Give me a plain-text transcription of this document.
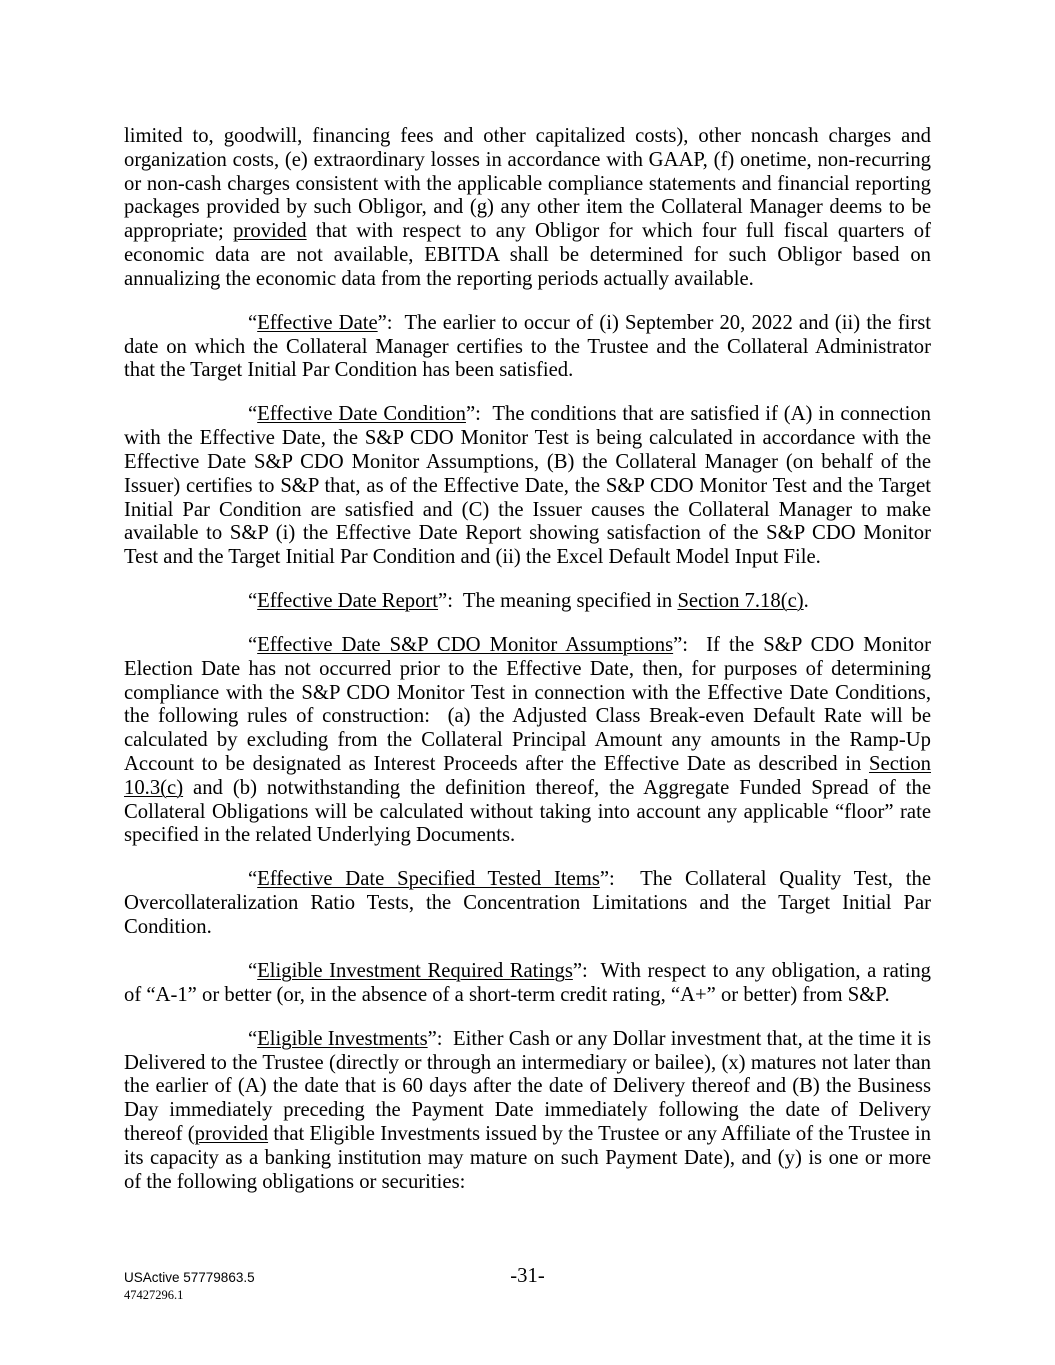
limited to, goodwill, financing fees and other capitalized costs), other noncash charges and organization costs, (e) extraordinary losses in accordance with GAAP, (f) onetime, non-recurring or non-cash charges consistent with the applicable compliance statements and financial reporting packages provided by such Obligor, and (g) any other item the Collateral Manager deems to be appropriate; provided that with respect to any Obligor for which four full fiscal quarters of economic data are not available, EBITDA shall be determined for such Obligor based on annualizing the economic data from the reporting periods actually available.

“Effective Date”:  The earlier to occur of (i) September 20, 2022 and (ii) the first date on which the Collateral Manager certifies to the Trustee and the Collateral Administrator that the Target Initial Par Condition has been satisfied.

“Effective Date Condition”:  The conditions that are satisfied if (A) in connection with the Effective Date, the S&P CDO Monitor Test is being calculated in accordance with the Effective Date S&P CDO Monitor Assumptions, (B) the Collateral Manager (on behalf of the Issuer) certifies to S&P that, as of the Effective Date, the S&P CDO Monitor Test and the Target Initial Par Condition are satisfied and (C) the Issuer causes the Collateral Manager to make available to S&P (i) the Effective Date Report showing satisfaction of the S&P CDO Monitor Test and the Target Initial Par Condition and (ii) the Excel Default Model Input File.

“Effective Date Report”:  The meaning specified in Section 7.18(c).

“Effective Date S&P CDO Monitor Assumptions”:  If the S&P CDO Monitor Election Date has not occurred prior to the Effective Date, then, for purposes of determining compliance with the S&P CDO Monitor Test in connection with the Effective Date Conditions, the following rules of construction:  (a) the Adjusted Class Break-even Default Rate will be calculated by excluding from the Collateral Principal Amount any amounts in the Ramp-Up Account to be designated as Interest Proceeds after the Effective Date as described in Section 10.3(c) and (b) notwithstanding the definition thereof, the Aggregate Funded Spread of the Collateral Obligations will be calculated without taking into account any applicable “floor” rate specified in the related Underlying Documents.

“Effective Date Specified Tested Items”:  The Collateral Quality Test, the Overcollateralization Ratio Tests, the Concentration Limitations and the Target Initial Par Condition.

“Eligible Investment Required Ratings”:  With respect to any obligation, a rating of “A-1” or better (or, in the absence of a short-term credit rating, “A+” or better) from S&P.

“Eligible Investments”:  Either Cash or any Dollar investment that, at the time it is Delivered to the Trustee (directly or through an intermediary or bailee), (x) matures not later than the earlier of (A) the date that is 60 days after the date of Delivery thereof and (B) the Business Day immediately preceding the Payment Date immediately following the date of Delivery thereof (provided that Eligible Investments issued by the Trustee or any Affiliate of the Trustee in its capacity as a banking institution may mature on such Payment Date), and (y) is one or more of the following obligations or securities:

USActive 57779863.5	-31-
47427296.1
